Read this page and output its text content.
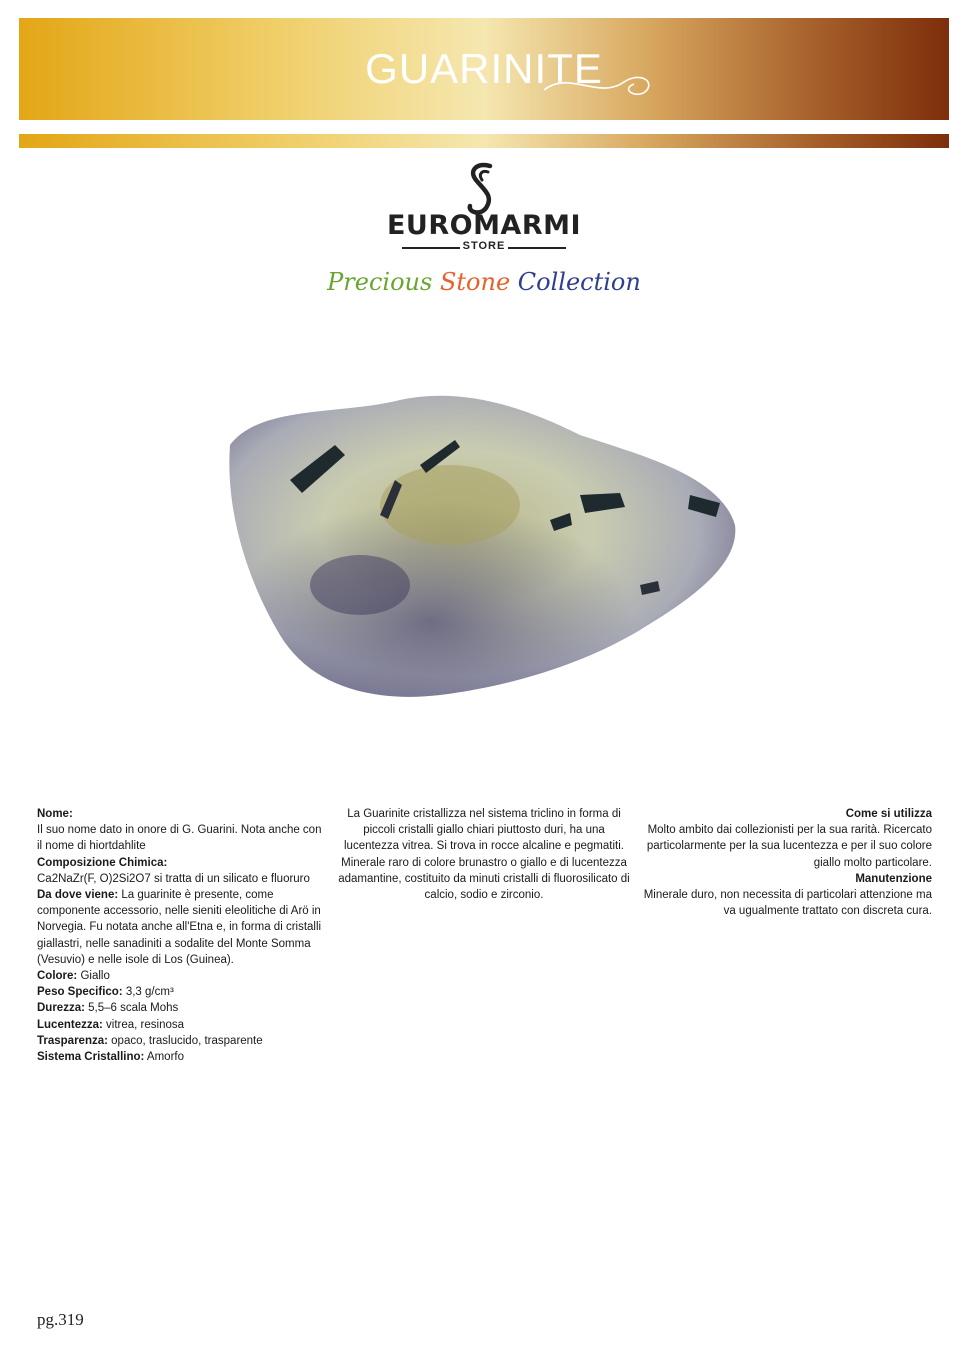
GUARINITE
EUROMARMI
STORE
Precious Stone Collection
Nome:
Il suo nome dato in onore di G. Guarini. Nota anche con il nome di hiortdahlite
Composizione Chimica:
Ca2NaZr(F, O)2Si2O7 si tratta di un silicato e fluoruro
Da dove viene: La guarinite è presente, come componente accessorio, nelle sieniti eleolitiche di Arö in Norvegia. Fu notata anche all'Etna e, in forma di cristalli giallastri, nelle sanadiniti a sodalite del Monte Somma (Vesuvio) e nelle isole di Los (Guinea).
Colore: Giallo
Peso Specifico: 3,3 g/cm³
Durezza: 5,5–6 scala Mohs
Lucentezza: vitrea, resinosa
Trasparenza: opaco, traslucido, trasparente
Sistema Cristallino: Amorfo
La Guarinite cristallizza nel sistema triclino in forma di piccoli cristalli giallo chiari piuttosto duri, ha una lucentezza vitrea. Si trova in rocce alcaline e pegmatiti. Minerale raro di colore brunastro o giallo e di lucentezza adamantine, costituito da minuti cristalli di fluorosilicato di calcio, sodio e zirconio.
Come si utilizza
Molto ambito dai collezionisti per la sua rarità. Ricercato particolarmente per la sua lucentezza e per il suo colore giallo molto particolare.
Manutenzione
Minerale duro, non necessita di particolari attenzione ma va ugualmente trattato con discreta cura.
pg.319
